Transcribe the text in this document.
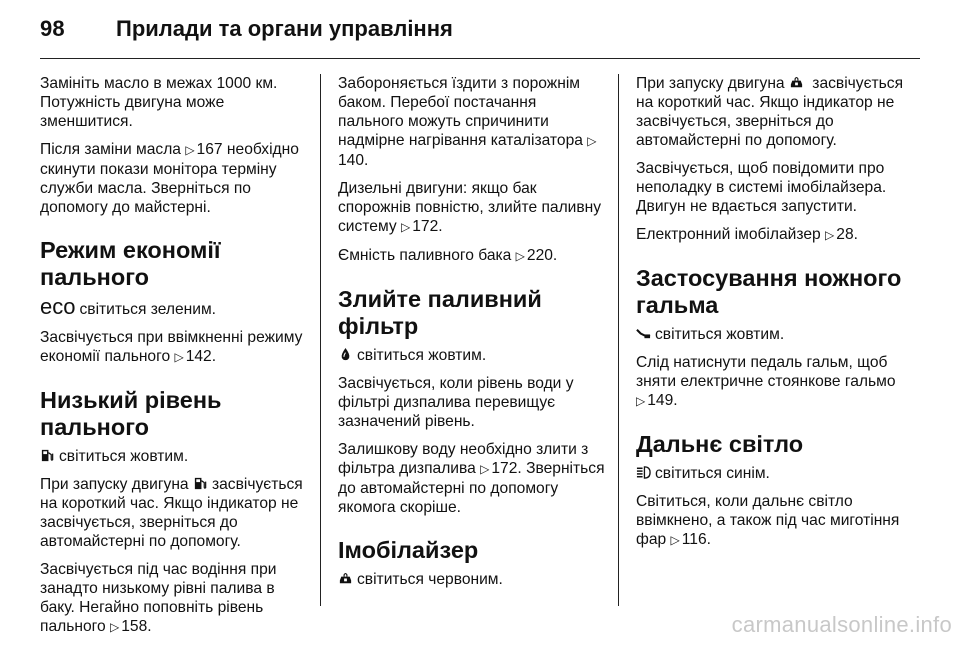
98 Прилади та органи управління

Замініть масло в межах 1000 км. Потужність двигуна може зменшитися.

Після заміни масла ▷ 167 необхідно скинути покази монітора терміну служби масла. Зверніться по допомогу до майстерні.

Режим економії пального

eco світиться зеленим.

Засвічується при ввімкненні режиму економії пального ▷ 142.

Низький рівень пального

світиться жовтим.

При запуску двигуна засвічується на короткий час. Якщо індикатор не засвічується, зверніться до автомайстерні по допомогу.

Засвічується під час водіння при занадто низькому рівні палива в баку. Негайно поповніть рівень пального ▷ 158.

Забороняється їздити з порожнім баком. Перебої постачання пального можуть спричинити надмірне нагрівання каталізатора ▷140.

Дизельні двигуни: якщо бак спорожнів повністю, злийте паливну систему ▷ 172.

Ємність паливного бака ▷ 220.

Злийте паливний фільтр

світиться жовтим.

Засвічується, коли рівень води у фільтрі дизпалива перевищує зазначений рівень.

Залишкову воду необхідно злити з фільтра дизпалива ▷ 172. Зверніться до автомайстерні по допомогу якомога скоріше.

Імобілайзер

світиться червоним.

При запуску двигуна засвічується на короткий час. Якщо індикатор не засвічується, зверніться до автомайстерні по допомогу.

Засвічується, щоб повідомити про неполадку в системі імобілайзера. Двигун не вдається запустити.

Електронний імобілайзер ▷ 28.

Застосування ножного гальма

світиться жовтим.

Слід натиснути педаль гальм, щоб зняти електричне стоянкове гальмо ▷ 149.

Дальнє світло

світиться синім.

Світиться, коли дальнє світло ввімкнено, а також під час миготіння фар ▷ 116.

carmanualsonline.info
